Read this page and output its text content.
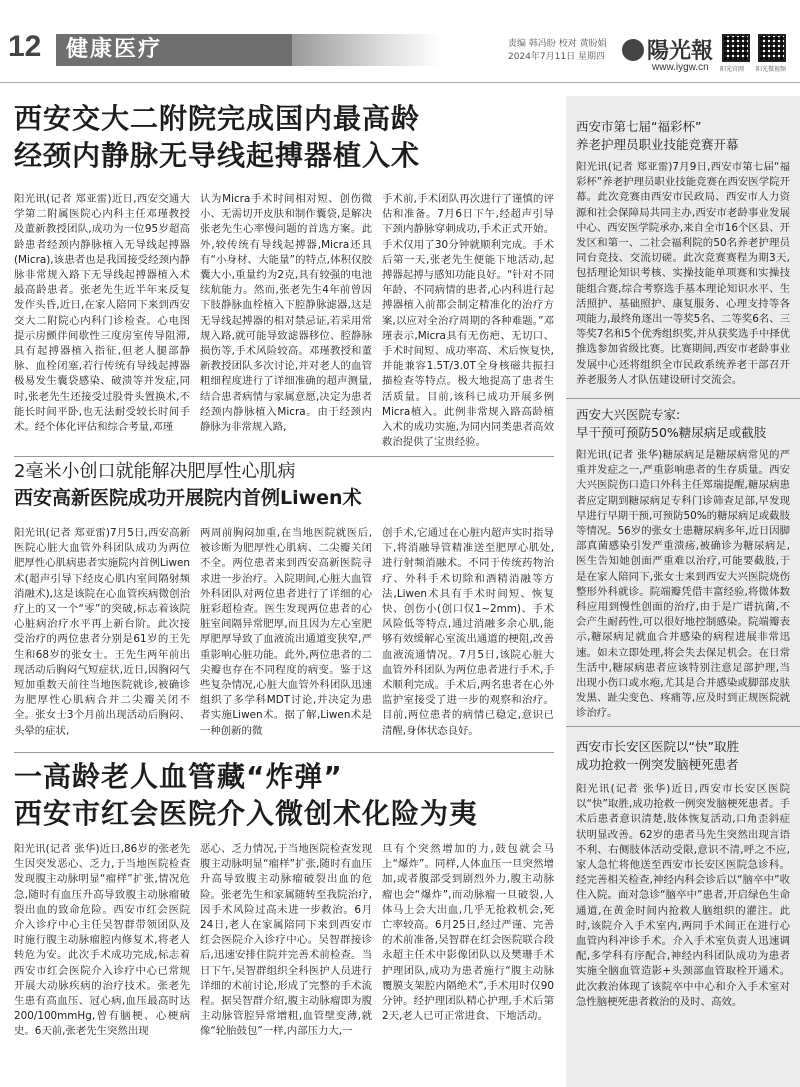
12	健康医疗	责编 韩冯盼 校对 黄盼娟
2024年7月11日 星期四	陽光報
www.iygw.cn 阳光官网 阳光微视频
西安交大二附院完成国内最高龄
经颈内静脉无导线起搏器植入术
阳光讯(记者 郑亚雷)近日,西安交通大学第二附属医院心内科主任邓瑾教授及董新教授团队,成功为一位95岁超高龄患者经颈内静脉植入无导线起搏器(Micra),该患者也是我国接受经颈内静脉非常规入路下无导线起搏器植入术最高龄患者。张老先生近半年来反复发作头昏,近日,在家人陪同下来到西安交大二附院心内科门诊检查。心电图提示房颤伴间歇性三度房室传导阻滞,具有起搏器植入指征,但老人腿部静脉、血栓闭塞,若行传统有导线起搏器极易发生囊袋感染、破溃等并发症,同时,张老先生还接受过股骨头置换术,不能长时间平卧,也无法耐受较长时间手术。经个体化评估和综合考量,邓瑾
认为Micra手术时间相对短、创伤微小、无需切开皮肤和制作囊袋,是解决张老先生心率慢问题的首选方案。此外,较传统有导线起搏器,Micra还具有“小身材、大能量”的特点,体积仅胶囊大小,重量约为2克,具有较强的电池续航能力。然而,张老先生4年前曾因下肢静脉血栓植入下腔静脉滤器,这是无导线起搏器的相对禁忌证,若采用常规入路,就可能导致滤器移位、腔静脉损伤等,手术风险较高。邓瑾教授和董新教授团队多次讨论,并对老人的血管粗细程度进行了详细准确的超声测量,结合患者病情与家属意愿,决定为患者经颈内静脉植入Micra。由于经颈内静脉为非常规入路,
手术前,手术团队再次进行了谨慎的评估和准备。7月6日下午,经超声引导下颈内静脉穿刺成功,手术正式开始。手术仅用了30分钟就顺利完成。手术后第一天,张老先生便能下地活动,起搏器起搏与感知功能良好。“针对不同年龄、不同病情的患者,心内科进行起搏器植入前都会制定精准化的治疗方案,以应对全治疗周期的各种难题。”邓瑾表示,Micra具有无伤疤、无切口、手术时间短、成功率高、术后恢复快,并能兼容1.5T/3.0T全身核磁共振扫描检查等特点。极大地提高了患者生活质量。目前,该科已成功开展多例Micra植入。此例非常规入路高龄植入术的成功实施,为同内同类患者高效救治提供了宝贵经验。
2毫米小创口就能解决肥厚性心肌病
西安高新医院成功开展院内首例Liwen术
阳光讯(记者 郑亚雷)7月5日,西安高新医院心脏大血管外科团队成功为两位肥厚性心肌病患者实施院内首例Liwen术(超声引导下经皮心肌内室间隔射频消融术),这是该院在心血管疾病微创治疗上的又一个“零”的突破,标志着该院心脏病治疗水平再上新台阶。此次接受治疗的两位患者分别是61岁的王先生和68岁的张女士。王先生两年前出现活动后胸闷气短症状,近日,因胸闷气短加重数天前往当地医院就诊,被确诊为肥厚性心肌病合并二尖瓣关闭不全。张女士3个月前出现活动后胸闷、头晕的症状,
两周前胸闷加重,在当地医院就医后,被诊断为肥厚性心肌病、二尖瓣关闭不全。两位患者来到西安高新医院寻求进一步治疗。入院期间,心脏大血管外科团队对两位患者进行了详细的心脏彩超检查。医生发现两位患者的心脏室间隔异常肥厚,而且因为左心室肥厚肥厚导致了血液流出通道变狭窄,严重影响心脏功能。此外,两位患者的二尖瓣也存在不同程度的病变。鉴于这些复杂情况,心脏大血管外科团队迅速组织了多学科MDT讨论,并决定为患者实施Liwen术。据了解,Liwen术是一种创新的微
创手术,它通过在心脏内超声实时指导下,将消融导管精准送至肥厚心肌处,进行射频消融术。不同于传统药物治疗、外科手术切除和酒精消融等方法,Liwen术具有手术时间短、恢复快、创伤小(创口仅1~2mm)、手术风险低等特点,通过消融多余心肌,能够有效缓解心室流出通道的梗阻,改善血液流通情况。7月5日,该院心脏大血管外科团队为两位患者进行手术,手术顺利完成。手术后,两名患者在心外监护室接受了进一步的观察和治疗。目前,两位患者的病情已稳定,意识已清醒,身体状态良好。
一高龄老人血管藏“炸弹”
西安市红会医院介入微创术化险为夷
阳光讯(记者 张华)近日,86岁的张老先生因突发恶心、乏力,于当地医院检查发现腹主动脉明显“瘤样”扩张,情况危急,随时有血压升高导致腹主动脉瘤破裂出血的致命危险。西安市红会医院介入诊疗中心主任吴智群带领团队及时施行腹主动脉瘤腔内修复术,将老人转危为安。此次手术成功完成,标志着西安市红会医院介入诊疗中心已常规开展大动脉疾病的治疗技术。张老先生患有高血压、冠心病,血压最高时达200/100mmHg,曾有脑梗、心梗病史。6天前,张老先生突然出现
恶心、乏力情况,于当地医院检查发现腹主动脉明显“瘤样”扩张,随时有血压升高导致腹主动脉瘤破裂出血的危险。张老先生和家属随转至我院治疗,因手术风险过高未进一步救治。6月24日,老人在家属陪同下来到西安市红会医院介入诊疗中心。吴智群接诊后,迅速安排住院并完善术前检查。当日下午,吴智群组织全科医护人员进行详细的术前讨论,形成了完整的手术流程。据吴智群介绍,腹主动脉瘤即为腹主动脉管腔异常增粗,血管壁变薄,就像“轮胎鼓包”一样,内部压力大,一
旦有个突然增加的力,鼓包就会马上“爆炸”。同样,人体血压一旦突然增加,或者腹部受到剧烈外力,腹主动脉瘤也会“爆炸”,而动脉瘤一旦破裂,人体马上会大出血,几乎无抢救机会,死亡率较高。6月25日,经过严谨、完善的术前准备,吴智群在红会医院联合段永超主任术中影像团队以及樊珊手术护理团队,成功为患者施行“腹主动脉覆膜支架腔内隔绝术”,手术用时仅90分钟。经护理团队精心护理,手术后第2天,老人已可正常进食、下地活动。
西安市第七届“福彩杯”
养老护理员职业技能竞赛开幕
阳光讯(记者 郑亚雷)7月9日,西安市第七届“福彩杯”养老护理员职业技能竞赛在西安医学院开幕。此次竞赛由西安市民政局、西安市人力资源和社会保障局共同主办,西安市老龄事业发展中心、西安医学院承办,来自全市16个区县、开发区和第一、二社会福利院的50名养老护理员同台竞技、交流切磋。此次竞赛赛程为期3天,包括理论知识考核、实操技能单项赛和实操技能组合赛,综合考察选手基本理论知识水平、生活照护、基础照护、康复服务、心理支持等各项能力,最终角逐出一等奖5名、二等奖6名、三等奖7名和5个优秀组织奖,并从获奖选手中择优推选参加省级比赛。比赛期间,西安市老龄事业发展中心还将组织全市民政系统养老干部召开养老服务人才队伍建设研讨交流会。
西安大兴医院专家:
早干预可预防50%糖尿病足或截肢
阳光讯(记者 张华)糖尿病足是糖尿病常见的严重并发症之一,严重影响患者的生存质量。西安大兴医院伤口造口外科主任郑瑞提醒,糖尿病患者应定期到糖尿病足专科门诊筛查足部,早发现早进行早期干预,可预防50%的糖尿病足或截肢等情况。56岁的张女士患糖尿病多年,近日因脚部真菌感染引发严重溃疡,被确诊为糖尿病足,医生告知她创面严重难以治疗,可能要截肢,于是在家人陪同下,张女士来到西安大兴医院烧伤整形外科就诊。院端瓣凭借丰富经验,将微体数科应用到慢性创面的治疗,由于是广谱抗菌,不会产生耐药性,可以很好地控制感染。院端瓣表示,糖尿病足就血合并感染的病程进展非常迅速。如未立即处理,将会失去保足机会。在日常生活中,糖尿病患者应该特别注意足部护理,当出现小伤口或水疱,尤其是合并感染或脚部皮肤发黑、趾尖变色、疼痛等,应及时到正规医院就诊治疗。
西安市长安区医院以“快”取胜
成功抢救一例突发脑梗死患者
阳光讯(记者 张华)近日,西安市长安区医院以“快”取胜,成功抢救一例突发脑梗死患者。手术后患者意识清楚,肢体恢复活动,口角歪斜症状明显改善。62岁的患者马先生突然出现言语不利、右侧肢体活动受限,意识不清,呼之不应,家人急忙将他送至西安市长安区医院急诊科。经完善相关检查,神经内科会诊后以“脑卒中”收住入院。面对急诊“脑卒中”患者,开启绿色生命通道,在黄金时间内抢救人脑组织的灌注。此时,该院介入手术室内,两同手术间正在进行心血管内科冲诊手术。介入手术室负责人迅速调配,多学科有序配合,神经内科团队成功为患者实施全脑血管造影+头颈部血管取栓开通术。此次救治体现了该院卒中中心和介入手术室对急性脑梗死患者救治的及时、高效。
